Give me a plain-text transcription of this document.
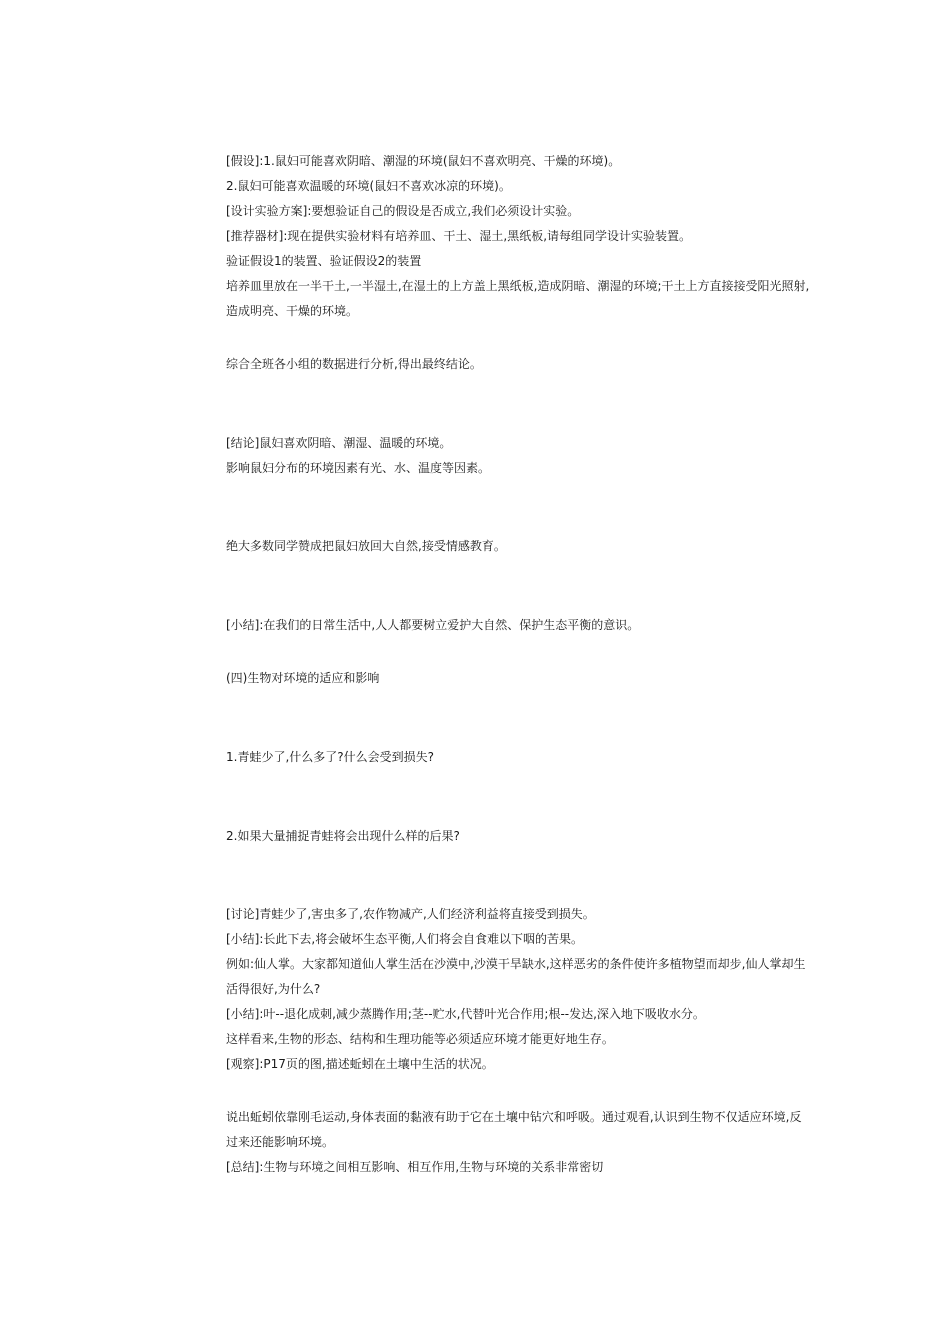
[假设]:1.鼠妇可能喜欢阴暗、潮湿的环境(鼠妇不喜欢明亮、干燥的环境)。

2.鼠妇可能喜欢温暖的环境(鼠妇不喜欢冰凉的环境)。

[设计实验方案]:要想验证自己的假设是否成立,我们必须设计实验。

[推荐器材]:现在提供实验材料有培养皿、干土、湿土,黑纸板,请每组同学设计实验装置。

验证假设1的装置、验证假设2的装置

培养皿里放在一半干土,一半湿土,在湿土的上方盖上黑纸板,造成阴暗、潮湿的环境;干土上方直接接受阳光照射,造成明亮、干燥的环境。

综合全班各小组的数据进行分析,得出最终结论。

[结论]鼠妇喜欢阴暗、潮湿、温暖的环境。

影响鼠妇分布的环境因素有光、水、温度等因素。

绝大多数同学赞成把鼠妇放回大自然,接受情感教育。

[小结]:在我们的日常生活中,人人都要树立爱护大自然、保护生态平衡的意识。

(四)生物对环境的适应和影响

1.青蛙少了,什么多了?什么会受到损失?

2.如果大量捕捉青蛙将会出现什么样的后果?

[讨论]青蛙少了,害虫多了,农作物减产,人们经济利益将直接受到损失。

[小结]:长此下去,将会破坏生态平衡,人们将会自食难以下咽的苦果。

例如:仙人掌。大家都知道仙人掌生活在沙漠中,沙漠干旱缺水,这样恶劣的条件使许多植物望而却步,仙人掌却生活得很好,为什么?

[小结]:叶--退化成刺,减少蒸腾作用;茎--贮水,代替叶光合作用;根--发达,深入地下吸收水分。

这样看来,生物的形态、结构和生理功能等必须适应环境才能更好地生存。

[观察]:P17页的图,描述蚯蚓在土壤中生活的状况。

说出蚯蚓依靠刚毛运动,身体表面的黏液有助于它在土壤中钻穴和呼吸。通过观看,认识到生物不仅适应环境,反过来还能影响环境。

[总结]:生物与环境之间相互影响、相互作用,生物与环境的关系非常密切
